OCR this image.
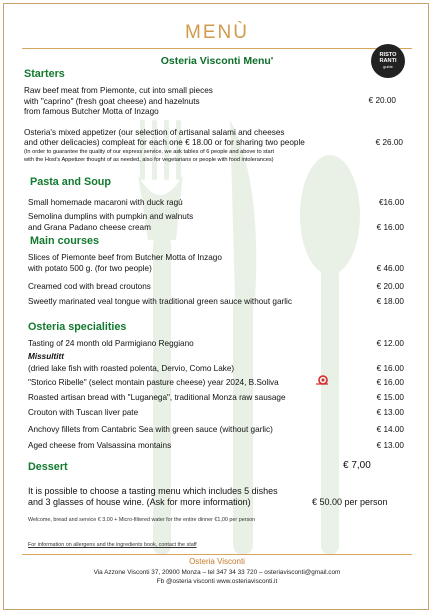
MENÙ
Osteria Visconti Menu'	RISTO
RANTI
guide
Starters
Raw beef meat from Piemonte, cut into small pieces
with "caprino" (fresh goat cheese) and hazelnuts
from famous Butcher Motta of Inzago
€ 20.00
Osteria's mixed appetizer (our selection of artisanal salami and cheeses
and other delicacies) compleat for each one € 18.00 or for sharing two people	€ 26.00
(In order to guarantee the quality of our express service, we ask tables of 6 people and above to start
with the Host's Appetizer thought of as needed, also for vegetarians or people with food intolerances)
Pasta and Soup
Small homemade macaroni with duck ragù	€16.00
Semolina dumplins with pumpkin and walnuts
and Grana Padano cheese cream	€ 16.00
Main courses
Slices of Piemonte beef from Butcher Motta of Inzago
with potato 500 g. (for two people)	€ 46.00
Creamed cod with bread croutons	€ 20.00
Sweetly marinated veal tongue with traditional green sauce without garlic	€ 18.00
Osteria specialities
Tasting of 24 month old Parmigiano Reggiano	€ 12.00
Missultitt
(dried lake fish with roasted polenta, Dervio, Como Lake)	€ 16.00
"Storico Ribelle" (select montain pasture cheese) year 2024, B.Soliva	€ 16.00
Roasted artisan bread with "Luganega", traditional Monza raw sausage	€ 15.00
Crouton with Tuscan liver pate	€ 13.00
Anchovy fillets from Cantabric Sea with green sauce (without garlic)	€ 14.00
Aged cheese from Valsassina montains	€ 13.00
Dessert	€ 7,00
It is possible to choose a tasting menu which includes 5 dishes
and 3 glasses of house wine. (Ask for more information)	€ 50.00 per person
Welcome, bread and service € 3.00 + Micro-filtered water for the entire dinner €1,00 per person
For information on allergens and the ingredients book, contact the staff
Osteria Visconti
Via Azzone Visconti 37, 20900 Monza – tel 347 34 33 720 – osteriavisconti@gmail.com
Fb @osteria visconti www.osteriavisconti.it
